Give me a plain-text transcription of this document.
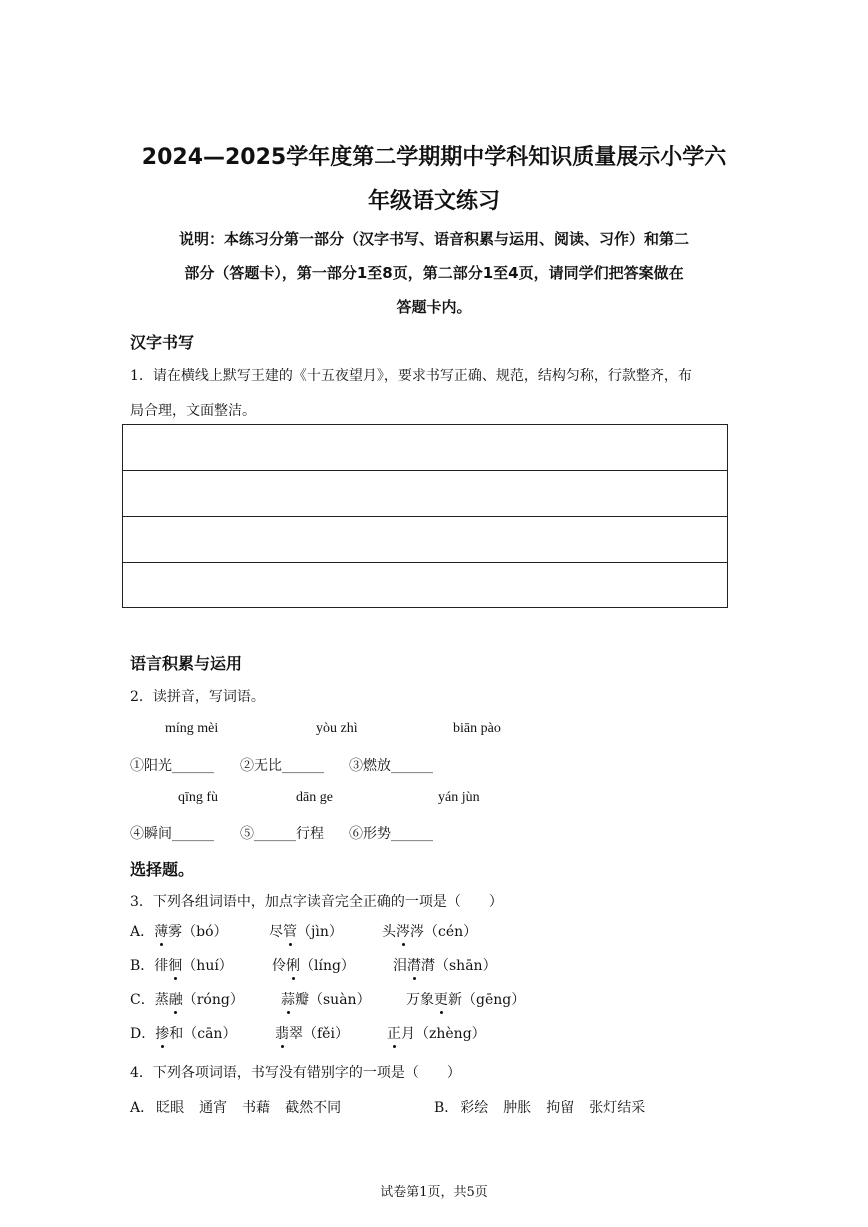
2024—2025学年度第二学期期中学科知识质量展示小学六
年级语文练习
说明：本练习分第一部分（汉字书写、语音积累与运用、阅读、习作）和第二
部分（答题卡），第一部分1至8页，第二部分1至4页，请同学们把答案做在
答题卡内。
汉字书写
1．请在横线上默写王建的《十五夜望月》，要求书写正确、规范，结构匀称，行款整齐，布
局合理，文面整洁。
语言积累与运用
2．读拼音，写词语。
míng mèi	yòu zhì	biān pào
①阳光______ ②无比______ ③燃放______
qīng fù	dān ge	yán jùn
④瞬间______ ⑤______行程 ⑥形势______
选择题。
3．下列各组词语中，加点字读音完全正确的一项是（　　）
A．薄雾（bó）	尽管（jìn）	头涔涔（cén）
B．徘徊（huí）	伶俐（líng）	泪潸潸（shān）
C．蒸融（róng）	蒜瓣（suàn）	万象更新（gēng）
D．掺和（cān）	翡翠（fěi）	正月（zhèng）
4．下列各项词语，书写没有错别字的一项是（　　）
A． 眨眼 通宵 书藉 截然不同	B． 彩绘 肿胀 拘留 张灯结采
试卷第1页，共5页
